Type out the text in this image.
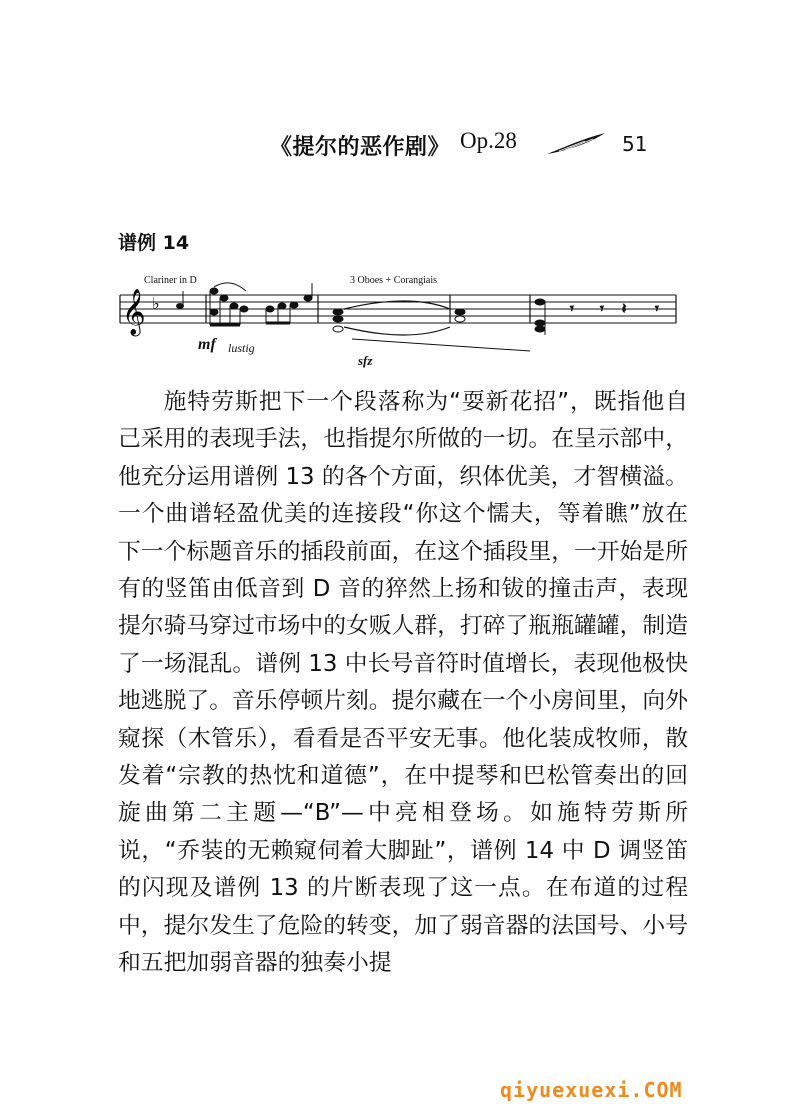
《提尔的恶作剧》 Op.28	51
谱例 14
Clariner in D	3 Oboes + Corangiais
mf lustig
sfz
𝄞 ♭	𝄾 𝄾 𝄽 𝄾

施特劳斯把下一个段落称为“耍新花招”，既指他自己采用的表现手法，也指提尔所做的一切。在呈示部中，他充分运用谱例 13 的各个方面，织体优美，才智横溢。一个曲谱轻盈优美的连接段“你这个懦夫，等着瞧”放在下一个标题音乐的插段前面，在这个插段里，一开始是所有的竖笛由低音到 D 音的猝然上扬和钹的撞击声，表现提尔骑马穿过市场中的女贩人群，打碎了瓶瓶罐罐，制造了一场混乱。谱例 13 中长号音符时值增长，表现他极快地逃脱了。音乐停顿片刻。提尔藏在一个小房间里，向外窥探（木管乐），看看是否平安无事。他化装成牧师，散发着“宗教的热忱和道德”，在中提琴和巴松管奏出的回旋曲第二主题—“B”—中亮相登场。如施特劳斯所说，“乔装的无赖窥伺着大脚趾”，谱例 14 中 D 调竖笛的闪现及谱例 13 的片断表现了这一点。在布道的过程中，提尔发生了危险的转变，加了弱音器的法国号、小号和五把加弱音器的独奏小提

qiyuexuexi.COM
